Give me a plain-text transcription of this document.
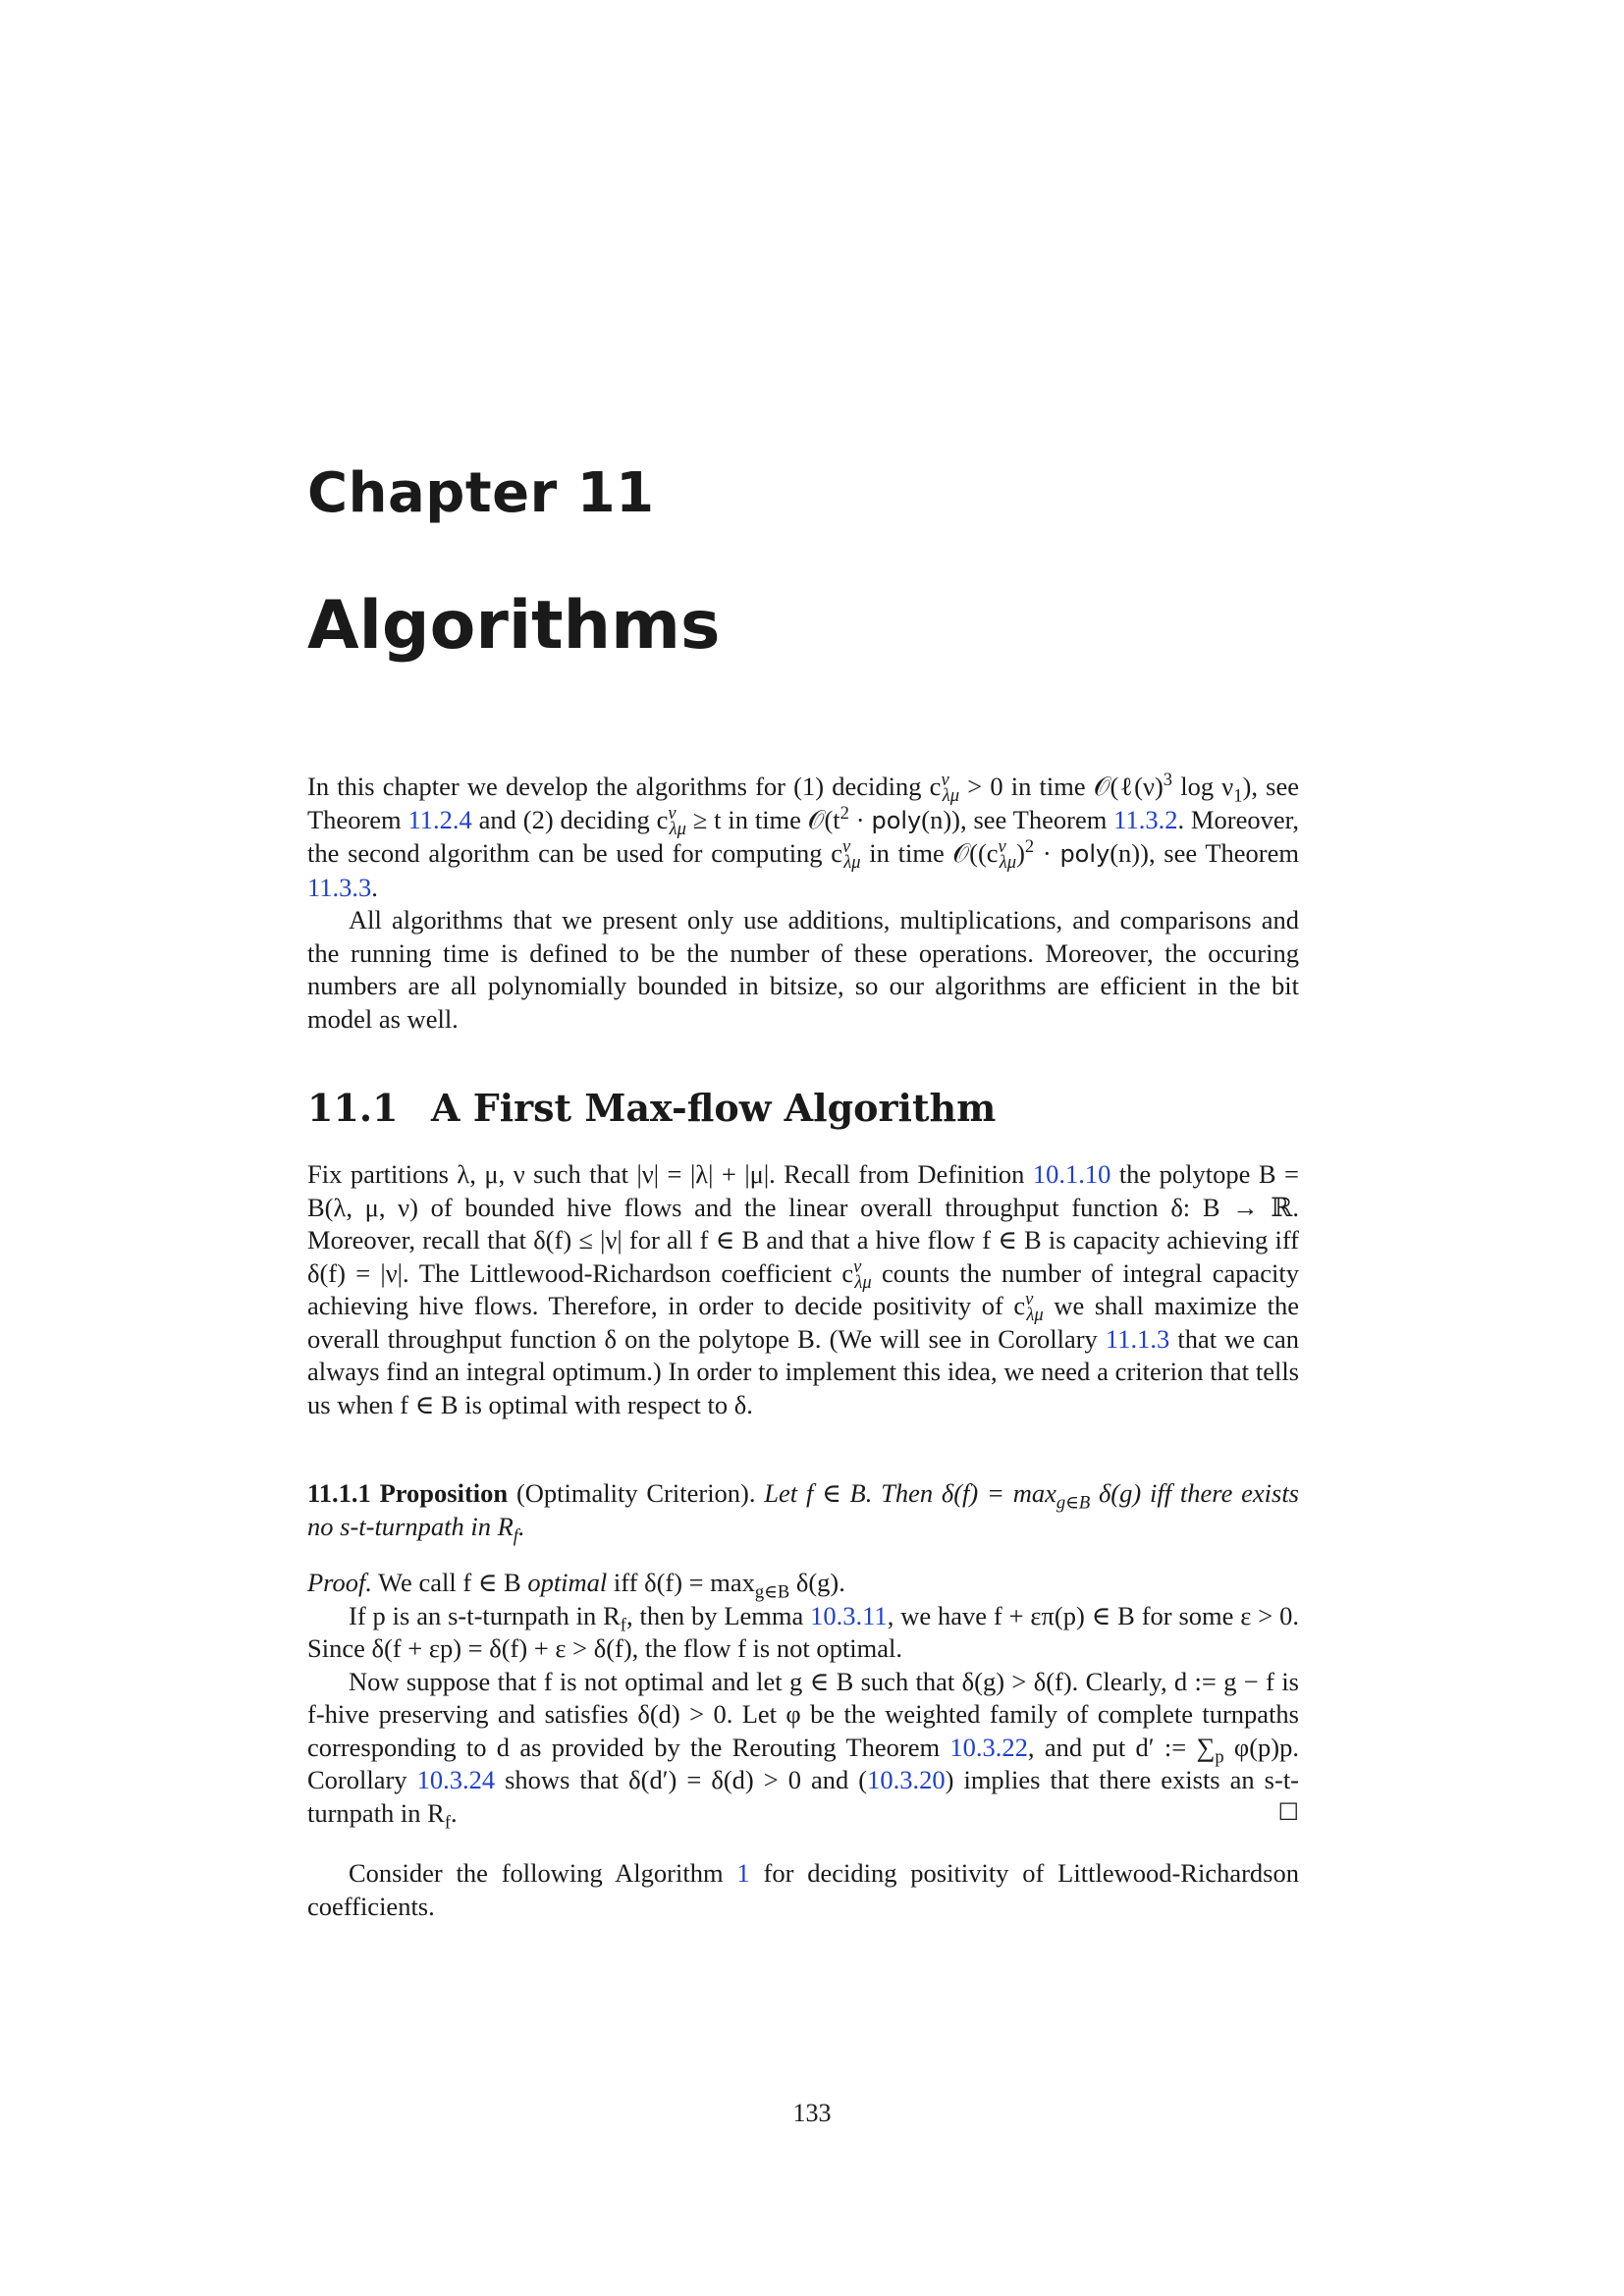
Chapter 11
Algorithms

In this chapter we develop the algorithms for (1) deciding $c^\nu_{\lambda\mu} > 0$ in time $𝒪(\ell(\nu)^3$ $\log \nu_1$), see Theorem 11.2.4 and (2) deciding $c^\nu_{\lambda\mu} \ge t$ in time $𝒪(t^2$ · poly(n)), see Theorem 11.3.2. Moreover, the second algorithm can be used for computing $c^\nu_{\lambda\mu}$ in time $𝒪((c^\nu_{\lambda\mu})^2$ · poly(n)), see Theorem 11.3.3.

All algorithms that we present only use additions, multiplications, and comparisons and the running time is defined to be the number of these operations. Moreover, the occuring numbers are all polynomially bounded in bitsize, so our algorithms are efficient in the bit model as well.

11.1 A First Max-flow Algorithm

Fix partitions λ, μ, ν such that |ν| = |λ| + |μ|. Recall from Definition 10.1.10 the polytope B = B(λ, μ, ν) of bounded hive flows and the linear overall throughput function δ: B → ℝ. Moreover, recall that δ(f) ≤ |ν| for all f ∈ B and that a hive flow f ∈ B is capacity achieving iff δ(f) = |ν|. The Littlewood-Richardson coefficient $c^\nu_{\lambda\mu}$ counts the number of integral capacity achieving hive flows. Therefore, in order to decide positivity of $c^\nu_{\lambda\mu}$ we shall maximize the overall throughput function δ on the polytope B. (We will see in Corollary 11.1.3 that we can always find an integral optimum.) In order to implement this idea, we need a criterion that tells us when f ∈ B is optimal with respect to δ.

11.1.1 Proposition (Optimality Criterion). Let f ∈ B. Then $\delta(f) = \max_{g\in B} \delta(g)$ iff there exists no s-t-turnpath in $R_f$.

Proof. We call f ∈ B optimal iff $\delta(f) = \max_{g\in B} \delta(g)$.

If p is an s-t-turnpath in $R_f$, then by Lemma 10.3.11, we have f + επ(p) ∈ B for some ε > 0. Since δ(f + εp) = δ(f) + ε > δ(f), the flow f is not optimal.

Now suppose that f is not optimal and let g ∈ B such that δ(g) > δ(f). Clearly, d := g − f is f-hive preserving and satisfies δ(d) > 0. Let φ be the weighted family of complete turnpaths corresponding to d as provided by the Rerouting Theorem 10.3.22, and put d′ := $\sum_p$ φ(p)p. Corollary 10.3.24 shows that δ(d′) = δ(d) > 0 and (10.3.20) implies that there exists an s-t-turnpath in $R_f$.	☐

Consider the following Algorithm 1 for deciding positivity of Littlewood-Richardson coefficients.

133
